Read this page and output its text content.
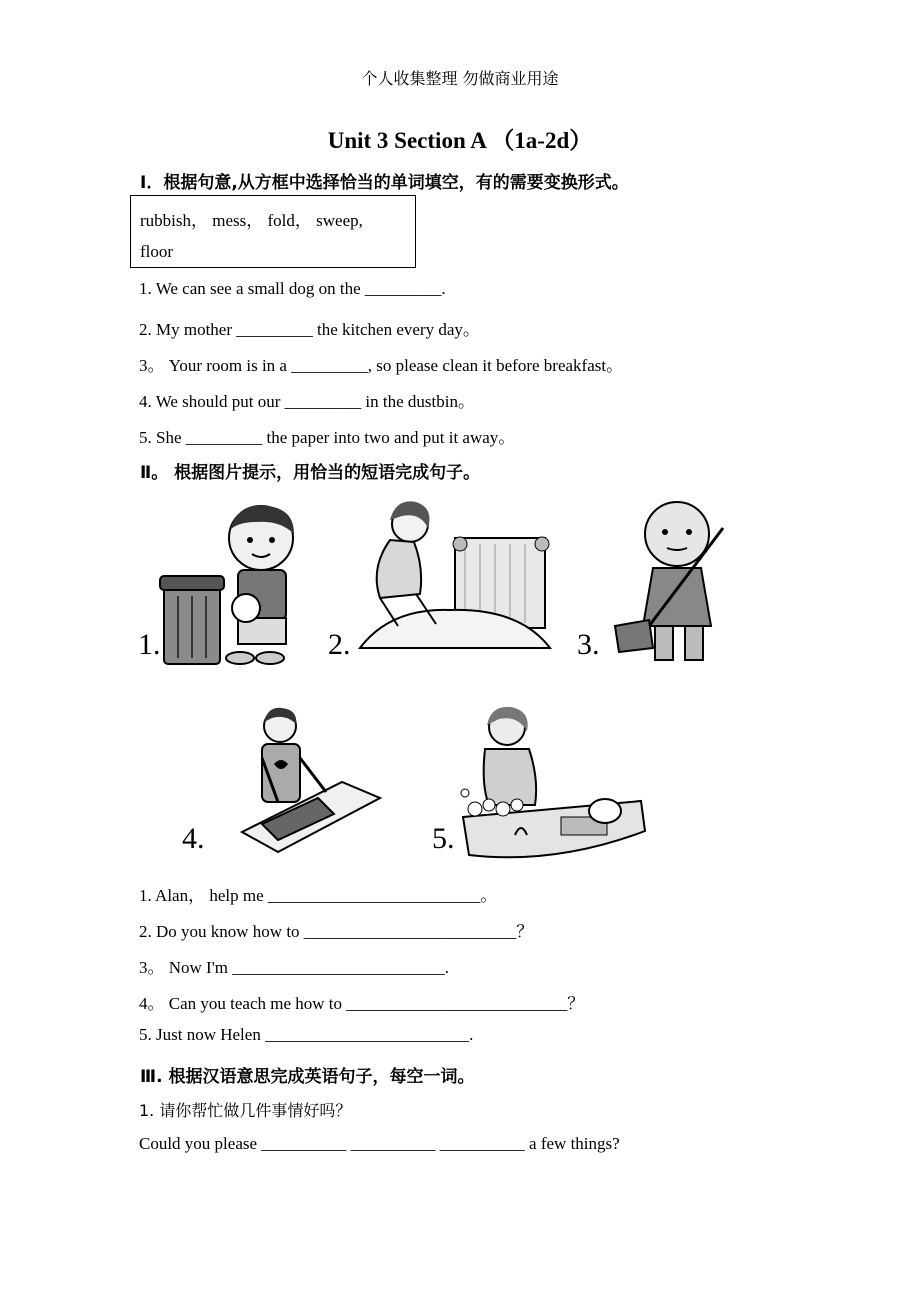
个人收集整理 勿做商业用途
Unit 3 Section A （1a-2d）
Ⅰ．根据句意,从方框中选择恰当的单词填空，有的需要变换形式。
rubbish， mess， fold， sweep,
floor
1. We can see a small dog on the _________.
2. My mother _________ the kitchen every day。
3。 Your room is in a _________, so please clean it before breakfast。
4. We should put our _________ in the dustbin。
5. She _________ the paper into two and put it away。
Ⅱ。 根据图片提示，用恰当的短语完成句子。
1.	2.	3.
4.	5.
1. Alan， help me _________________________。
2. Do you know how to _________________________？
3。 Now I'm _________________________.
4。 Can you teach me how to __________________________？
5. Just now Helen ________________________.
Ⅲ. 根据汉语意思完成英语句子，每空一词。
1. 请你帮忙做几件事情好吗？
Could you please __________ __________ __________ a few things?
